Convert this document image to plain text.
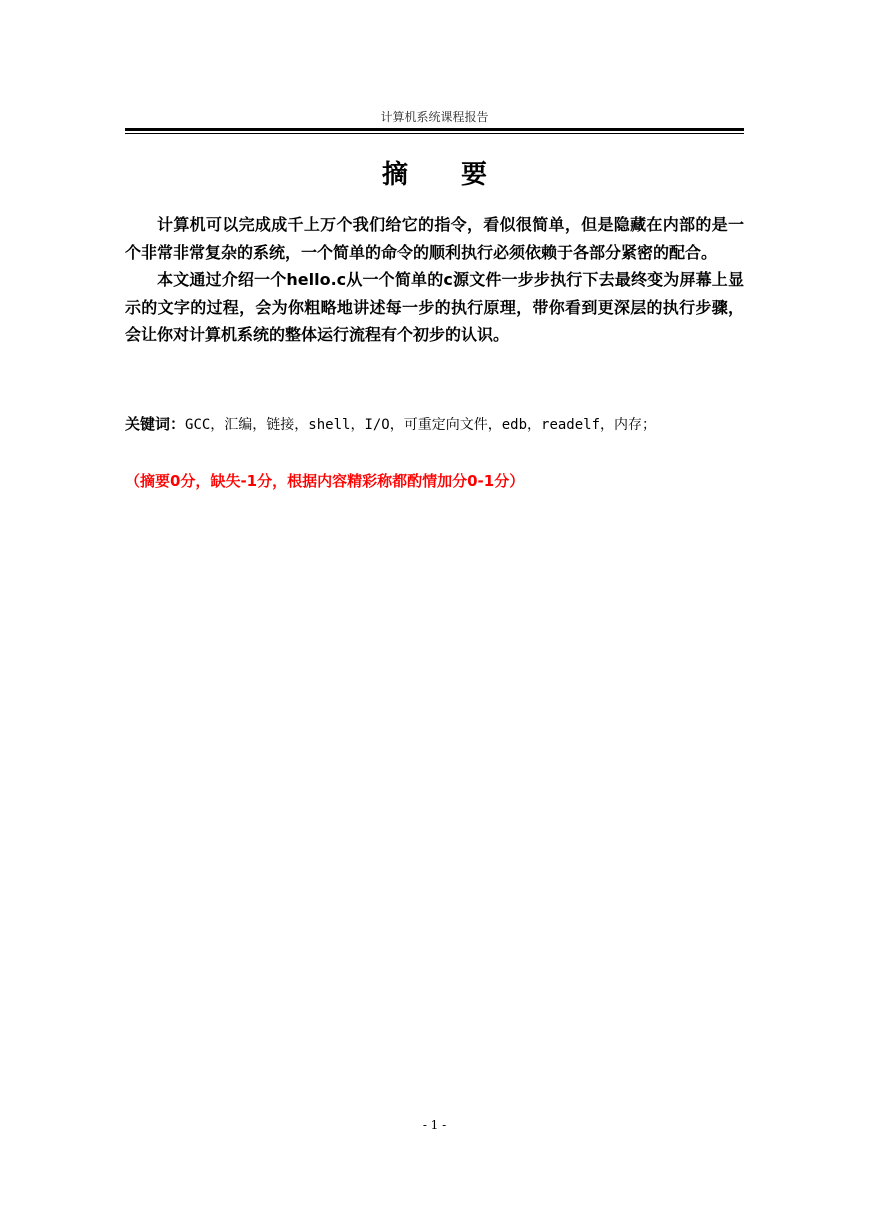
计算机系统课程报告
摘 要

计算机可以完成成千上万个我们给它的指令，看似很简单，但是隐藏在内部的是一个非常非常复杂的系统，一个简单的命令的顺利执行必须依赖于各部分紧密的配合。

本文通过介绍一个hello.c从一个简单的c源文件一步步执行下去最终变为屏幕上显示的文字的过程，会为你粗略地讲述每一步的执行原理，带你看到更深层的执行步骤，会让你对计算机系统的整体运行流程有个初步的认识。

关键词：GCC，汇编，链接，shell，I/O，可重定向文件，edb，readelf，内存；
（摘要0分，缺失-1分，根据内容精彩称都酌情加分0-1分）
- 1 -
